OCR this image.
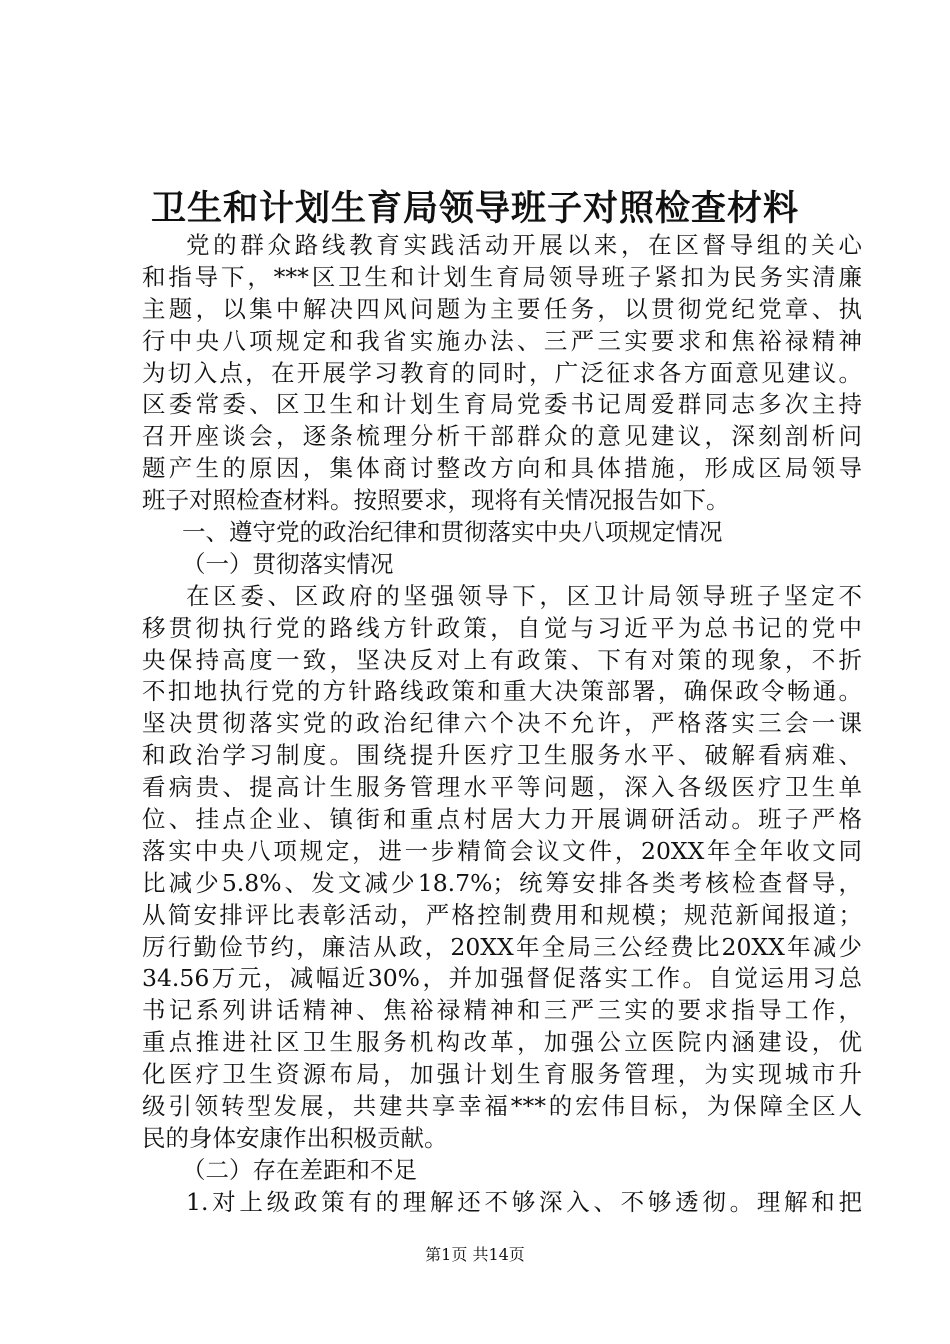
卫生和计划生育局领导班子对照检查材料
党的群众路线教育实践活动开展以来，在区督导组的关心
和指导下，***区卫生和计划生育局领导班子紧扣为民务实清廉
主题，以集中解决四风问题为主要任务，以贯彻党纪党章、执
行中央八项规定和我省实施办法、三严三实要求和焦裕禄精神
为切入点，在开展学习教育的同时，广泛征求各方面意见建议。
区委常委、区卫生和计划生育局党委书记周爱群同志多次主持
召开座谈会，逐条梳理分析干部群众的意见建议，深刻剖析问
题产生的原因，集体商讨整改方向和具体措施，形成区局领导
班子对照检查材料。按照要求，现将有关情况报告如下。
一、遵守党的政治纪律和贯彻落实中央八项规定情况
（一）贯彻落实情况
在区委、区政府的坚强领导下，区卫计局领导班子坚定不
移贯彻执行党的路线方针政策，自觉与习近平为总书记的党中
央保持高度一致，坚决反对上有政策、下有对策的现象，不折
不扣地执行党的方针路线政策和重大决策部署，确保政令畅通。
坚决贯彻落实党的政治纪律六个决不允许，严格落实三会一课
和政治学习制度。围绕提升医疗卫生服务水平、破解看病难、
看病贵、提高计生服务管理水平等问题，深入各级医疗卫生单
位、挂点企业、镇街和重点村居大力开展调研活动。班子严格
落实中央八项规定，进一步精简会议文件，20XX年全年收文同
比减少5.8%、发文减少18.7%；统筹安排各类考核检查督导，
从简安排评比表彰活动，严格控制费用和规模；规范新闻报道；
厉行勤俭节约，廉洁从政，20XX年全局三公经费比20XX年减少
34.56万元，减幅近30%，并加强督促落实工作。自觉运用习总
书记系列讲话精神、焦裕禄精神和三严三实的要求指导工作，
重点推进社区卫生服务机构改革，加强公立医院内涵建设，优
化医疗卫生资源布局，加强计划生育服务管理，为实现城市升
级引领转型发展，共建共享幸福***的宏伟目标，为保障全区人
民的身体安康作出积极贡献。
（二）存在差距和不足
1.对上级政策有的理解还不够深入、不够透彻。理解和把
第1页 共14页
